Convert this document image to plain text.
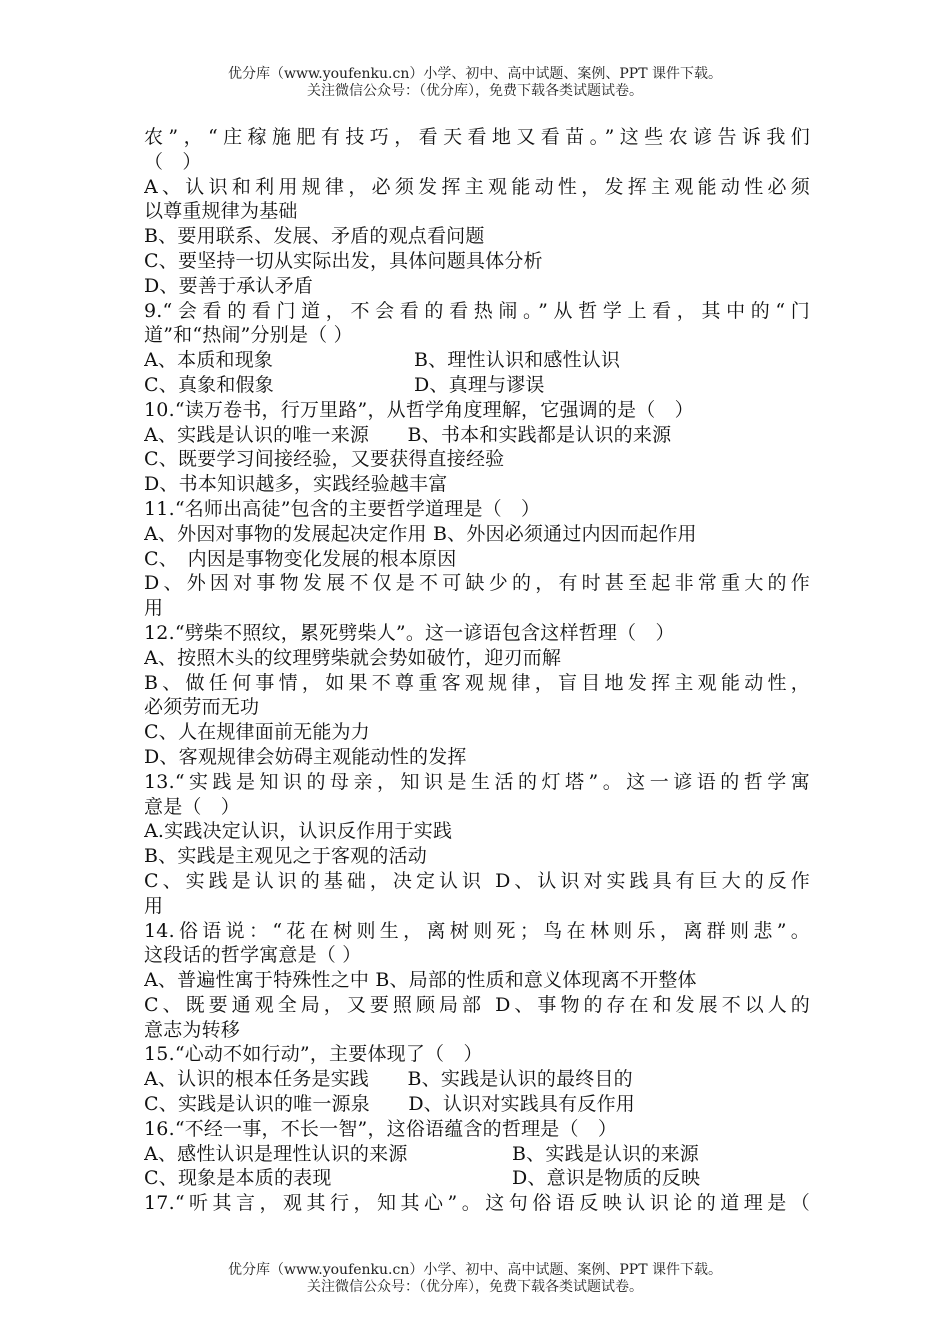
优分库（www.youfenku.cn）小学、初中、高中试题、案例、PPT 课件下载。
关注微信公众号：（优分库），免费下载各类试题试卷。
农”，“庄稼施肥有技巧，看天看地又看苗。”这些农谚告诉我们
（　）
A、认识和利用规律，必须发挥主观能动性，发挥主观能动性必须
以尊重规律为基础
B、要用联系、发展、矛盾的观点看问题
C、要坚持一切从实际出发，具体问题具体分析
D、要善于承认矛盾
9.“会看的看门道，不会看的看热闹。”从哲学上看，其中的“门
道”和“热闹”分别是（ ）
A、本质和现象	B、理性认识和感性认识
C、真象和假象	D、真理与谬误
10.“读万卷书，行万里路”，从哲学角度理解，它强调的是（　）
A、实践是认识的唯一来源　　B、书本和实践都是认识的来源
C、既要学习间接经验，又要获得直接经验
D、书本知识越多，实践经验越丰富
11.“名师出高徒”包含的主要哲学道理是（　）
A、外因对事物的发展起决定作用 B、外因必须通过内因而起作用
C、　内因是事物变化发展的根本原因
D、外因对事物发展不仅是不可缺少的，有时甚至起非常重大的作
用
12.“劈柴不照纹，累死劈柴人”。这一谚语包含这样哲理（　）
A、按照木头的纹理劈柴就会势如破竹，迎刃而解
B、做任何事情，如果不尊重客观规律，盲目地发挥主观能动性，
必须劳而无功
C、人在规律面前无能为力
D、客观规律会妨碍主观能动性的发挥
13.“实践是知识的母亲，知识是生活的灯塔”。这一谚语的哲学寓
意是（　）
A.实践决定认识，认识反作用于实践
B、实践是主观见之于客观的活动
C、实践是认识的基础，决定认识 D、认识对实践具有巨大的反作
用
14.俗语说：“花在树则生，离树则死；鸟在林则乐，离群则悲”。
这段话的哲学寓意是（ ）
A、普遍性寓于特殊性之中 B、局部的性质和意义体现离不开整体
C、既要通观全局，又要照顾局部 D、事物的存在和发展不以人的
意志为转移
15.“心动不如行动”，主要体现了（　）
A、认识的根本任务是实践　　B、实践是认识的最终目的
C、实践是认识的唯一源泉　　D、认识对实践具有反作用
16.“不经一事，不长一智”，这俗语蕴含的哲理是（　）
A、感性认识是理性认识的来源	B、实践是认识的来源
C、现象是本质的表现	D、意识是物质的反映
17.“听其言，观其行，知其心”。这句俗语反映认识论的道理是（
优分库（www.youfenku.cn）小学、初中、高中试题、案例、PPT 课件下载。
关注微信公众号：（优分库），免费下载各类试题试卷。
